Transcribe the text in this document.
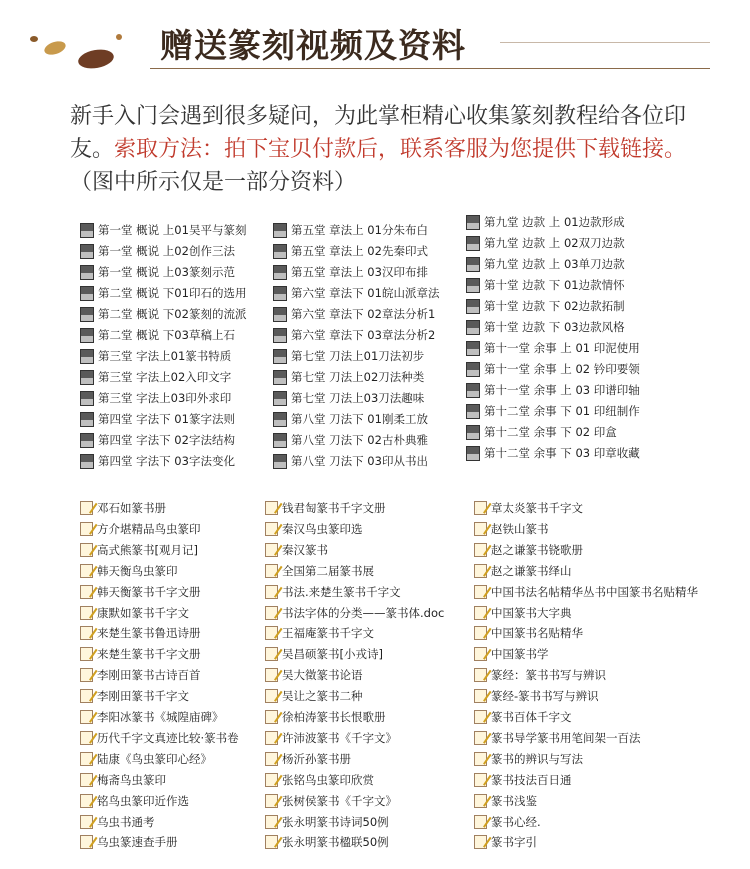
赠送篆刻视频及资料
新手入门会遇到很多疑问，为此掌柜精心收集篆刻教程给各位印友。索取方法：拍下宝贝付款后，联系客服为您提供下载链接。（图中所示仅是一部分资料）
第一堂 概说 上01吴平与篆刻
第一堂 概说 上02创作三法
第一堂 概说 上03篆刻示范
第二堂 概说 下01印石的选用
第二堂 概说 下02篆刻的流派
第二堂 概说 下03草稿上石
第三堂 字法上01篆书特质
第三堂 字法上02入印文字
第三堂 字法上03印外求印
第四堂 字法下 01篆字法则
第四堂 字法下 02字法结构
第四堂 字法下 03字法变化
第五堂 章法上 01分朱布白
第五堂 章法上 02先秦印式
第五堂 章法上 03汉印布排
第六堂 章法下 01皖山派章法
第六堂 章法下 02章法分析1
第六堂 章法下 03章法分析2
第七堂 刀法上01刀法初步
第七堂 刀法上02刀法种类
第七堂 刀法上03刀法趣味
第八堂 刀法下 01刚柔工放
第八堂 刀法下 02古朴典雅
第八堂 刀法下 03印从书出
第九堂 边款 上 01边款形成
第九堂 边款 上 02双刀边款
第九堂 边款 上 03单刀边款
第十堂 边款 下 01边款情怀
第十堂 边款 下 02边款拓制
第十堂 边款 下 03边款风格
第十一堂 余事 上 01 印泥使用
第十一堂 余事 上 02 钤印要领
第十一堂 余事 上 03 印谱印轴
第十二堂 余事 下 01 印纽制作
第十二堂 余事 下 02 印盒
第十二堂 余事 下 03 印章收藏
邓石如篆书册
方介堪精品鸟虫篆印
高式熊篆书[观月记]
韩天衡鸟虫篆印
韩天衡篆书千字文册
康默如篆书千字文
来楚生篆书鲁迅诗册
来楚生篆书千字文册
李刚田篆书古诗百首
李刚田篆书千字文
李阳冰篆书《城隍庙碑》
历代千字文真迹比较·篆书卷
陆康《鸟虫篆印心经》
梅斋鸟虫篆印
铭鸟虫篆印近作选
乌虫书通考
乌虫篆速查手册
钱君匋篆书千字文册
秦汉鸟虫篆印选
秦汉篆书
全国第二届篆书展
书法.来楚生篆书千字文
书法字体的分类——篆书体.doc
王福庵篆书千字文
吴昌硕篆书[小戎诗]
吴大徵篆书论语
吴让之篆书二种
徐柏涛篆书长恨歌册
许沛波篆书《千字文》
杨沂孙篆书册
张铭鸟虫篆印欣赏
张树侯篆书《千字文》
张永明篆书诗词50例
张永明篆书楹联50例
章太炎篆书千字文
赵铁山篆书
赵之谦篆书铙歌册
赵之谦篆书绎山
中国书法名帖精华丛书中国篆书名贴精华
中国篆书大字典
中国篆书名贴精华
中国篆书学
篆经：篆书书写与辨识
篆经-篆书书写与辨识
篆书百体千字文
篆书导学篆书用笔间架一百法
篆书的辨识与写法
篆书技法百日通
篆书浅鉴
篆书心经.
篆书字引
